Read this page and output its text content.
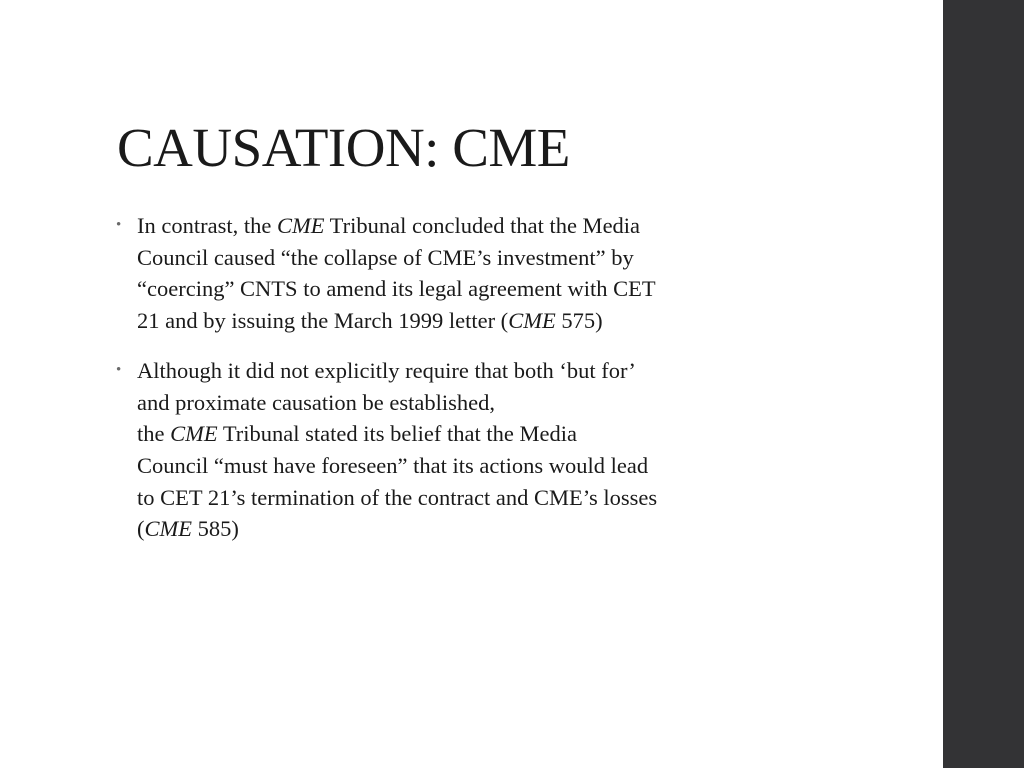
CAUSATION: CME
• In contrast, the CME Tribunal concluded that the Media
Council caused “the collapse of CME’s investment” by
“coercing” CNTS to amend its legal agreement with CET
21 and by issuing the March 1999 letter (CME 575)
• Although it did not explicitly require that both ‘but for’
and proximate causation be established,
the CME Tribunal stated its belief that the Media
Council “must have foreseen” that its actions would lead
to CET 21’s termination of the contract and CME’s losses
(CME 585)
